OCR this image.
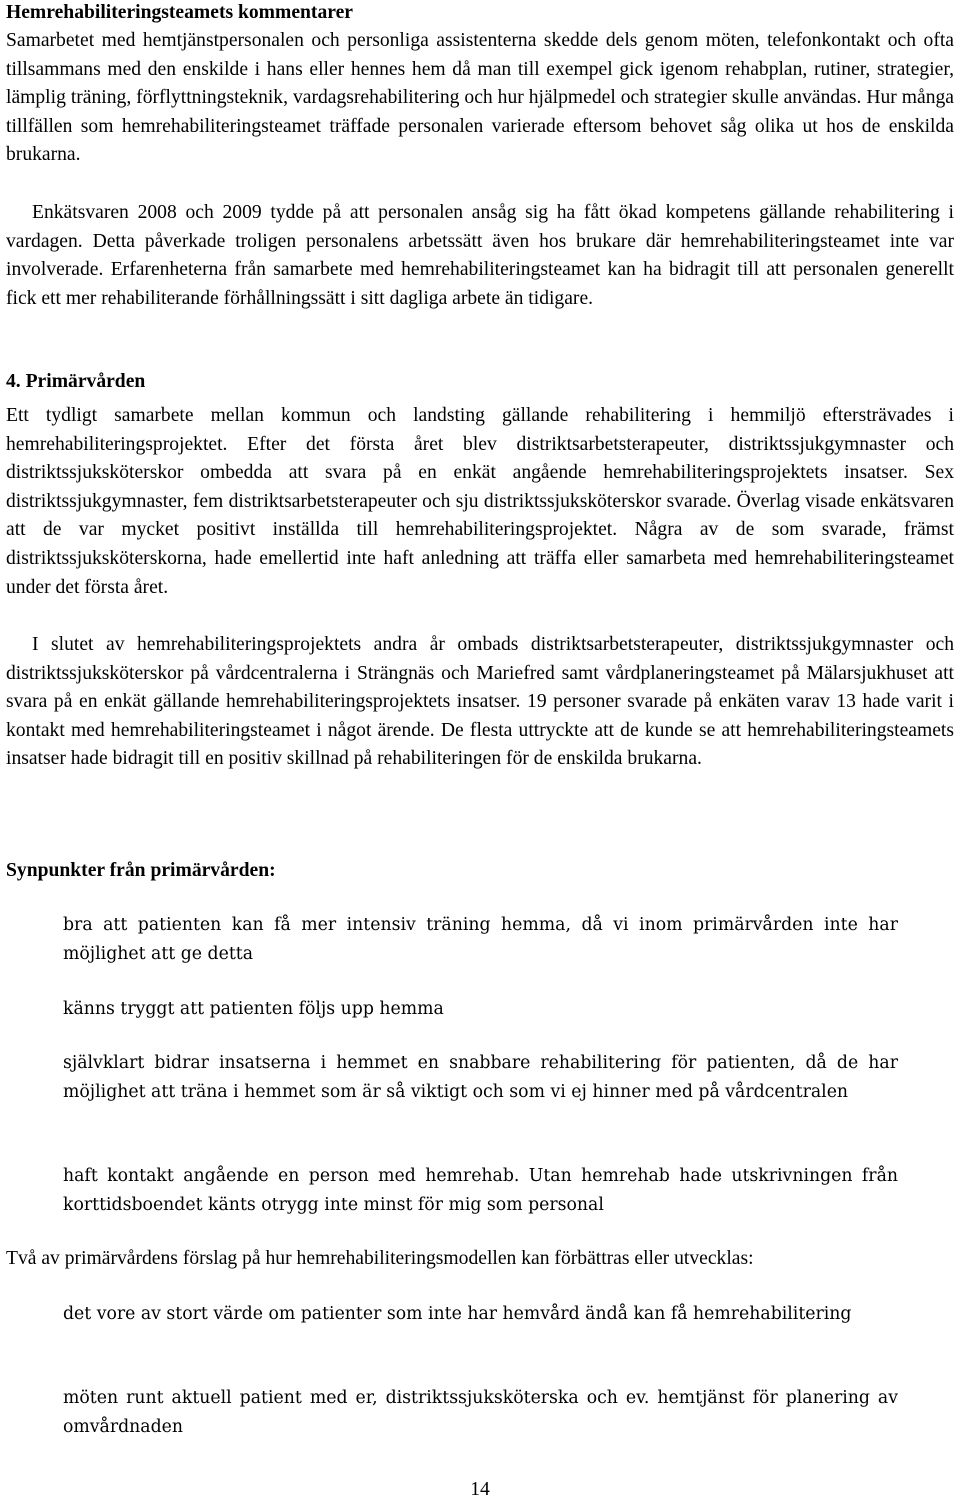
Hemrehabiliteringsteamets kommentarer
Samarbetet med hemtjänstpersonalen och personliga assistenterna skedde dels genom möten, telefonkontakt och ofta tillsammans med den enskilde i hans eller hennes hem då man till exempel gick igenom rehabplan, rutiner, strategier, lämplig träning, förflyttningsteknik, vardagsrehabilitering och hur hjälpmedel och strategier skulle användas. Hur många tillfällen som hemrehabiliteringsteamet träffade personalen varierade eftersom behovet såg olika ut hos de enskilda brukarna.
Enkätsvaren 2008 och 2009 tydde på att personalen ansåg sig ha fått ökad kompetens gällande rehabilitering i vardagen. Detta påverkade troligen personalens arbetssätt även hos brukare där hemrehabiliteringsteamet inte var involverade. Erfarenheterna från samarbete med hemrehabiliteringsteamet kan ha bidragit till att personalen generellt fick ett mer rehabiliterande förhållningssätt i sitt dagliga arbete än tidigare.
4. Primärvården
Ett tydligt samarbete mellan kommun och landsting gällande rehabilitering i hemmiljö eftersträvades i hemrehabiliteringsprojektet. Efter det första året blev distriktsarbetsterapeuter, distriktssjukgymnaster och distriktssjuksköterskor ombedda att svara på en enkät angående hemrehabiliteringsprojektets insatser. Sex distriktssjukgymnaster, fem distriktsarbetsterapeuter och sju distriktssjuksköterskor svarade. Överlag visade enkätsvaren att de var mycket positivt inställda till hemrehabiliteringsprojektet. Några av de som svarade, främst distriktssjuksköterskorna, hade emellertid inte haft anledning att träffa eller samarbeta med hemrehabiliteringsteamet under det första året.
I slutet av hemrehabiliteringsprojektets andra år ombads distriktsarbetsterapeuter, distriktssjukgymnaster och distriktssjuksköterskor på vårdcentralerna i Strängnäs och Mariefred samt vårdplaneringsteamet på Mälarsjukhuset att svara på en enkät gällande hemrehabiliteringsprojektets insatser. 19 personer svarade på enkäten varav 13 hade varit i kontakt med hemrehabiliteringsteamet i något ärende. De flesta uttryckte att de kunde se att hemrehabiliteringsteamets insatser hade bidragit till en positiv skillnad på rehabiliteringen för de enskilda brukarna.
Synpunkter från primärvården:
bra att patienten kan få mer intensiv träning hemma, då vi inom primärvården inte har möjlighet att ge detta
känns tryggt att patienten följs upp hemma
självklart bidrar insatserna i hemmet en snabbare rehabilitering för patienten, då de har möjlighet att träna i hemmet som är så viktigt och som vi ej hinner med på vårdcentralen
haft kontakt angående en person med hemrehab. Utan hemrehab hade utskrivningen från korttidsboendet känts otrygg inte minst för mig som personal
Två av primärvårdens förslag på hur hemrehabiliteringsmodellen kan förbättras eller utvecklas:
det vore av stort värde om patienter som inte har hemvård ändå kan få hemrehabilitering
möten runt aktuell patient med er, distriktssjuksköterska och ev. hemtjänst för planering av omvårdnaden
14
